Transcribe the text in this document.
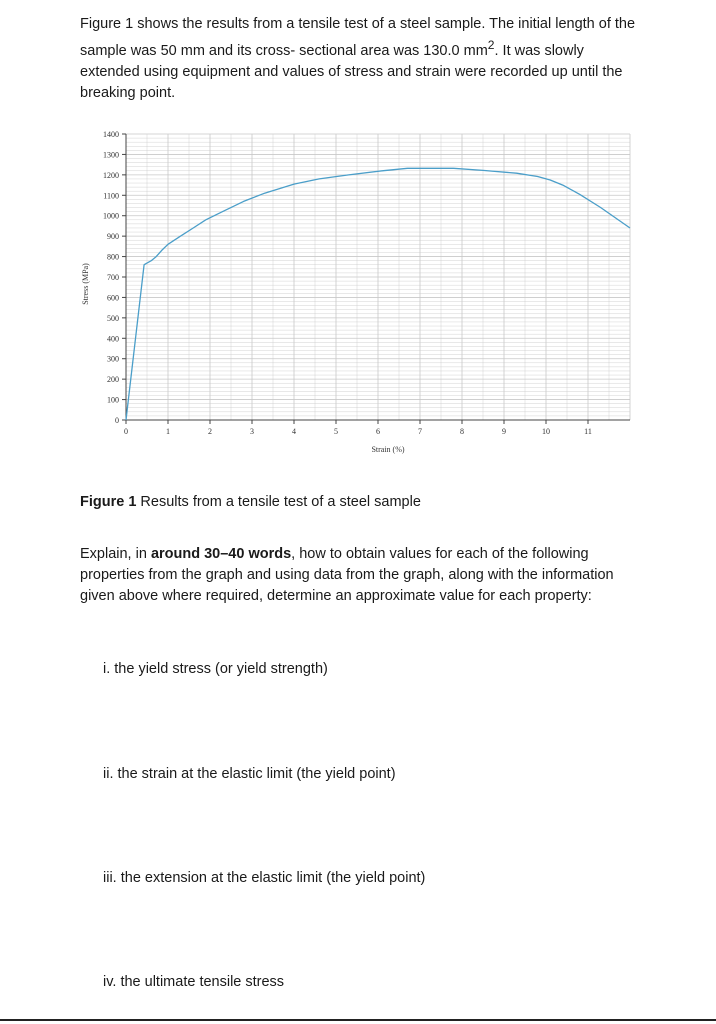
Figure 1 shows the results from a tensile test of a steel sample. The initial length of the sample was 50 mm and its cross- sectional area was 130.0 $mm^2$. It was slowly extended using equipment and values of stress and strain were recorded up until the breaking point.

0
100
200
300
400
500
600
700
800
900
1000
1100
1200
1300
1400
0	1	2	3	4	5	6	7	8	9	10	11
Stress (MPa)
Strain (%)
Figure 1 Results from a tensile test of a steel sample

Explain, in around 30–40 words, how to obtain values for each of the following properties from the graph and using data from the graph, along with the information given above where required, determine an approximate value for each property:

i. the yield stress (or yield strength)
ii. the strain at the elastic limit (the yield point)
iii. the extension at the elastic limit (the yield point)
iv. the ultimate tensile stress
